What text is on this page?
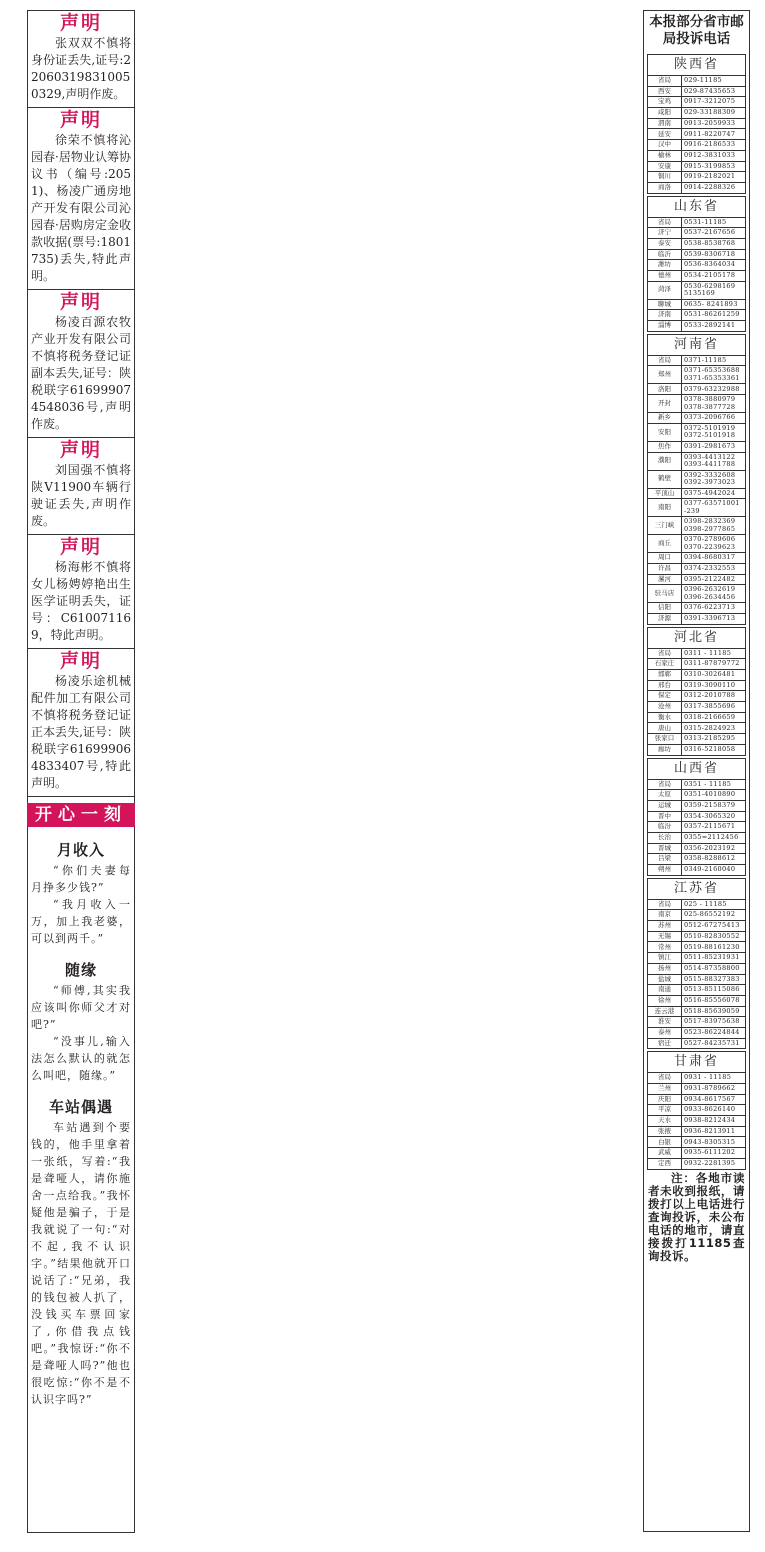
声明
张双双不慎将身份证丢失,证号:220603198310050329,声明作废。
声明
徐荣不慎将沁园春·居物业认筹协议书（编号:2051)、杨凌广通房地产开发有限公司沁园春·居购房定金收款收据(票号:1801735)丢失,特此声明。
声明
杨凌百源农牧产业开发有限公司不慎将税务登记证副本丢失,证号：陕税联字616999074548036号,声明作废。
声明
刘国强不慎将陕V11900车辆行驶证丢失,声明作废。
声明
杨海彬不慎将女儿杨娉婷艳出生医学证明丢失，证号：C610071169，特此声明。
声明
杨凌乐途机械配件加工有限公司不慎将税务登记证正本丢失,证号：陕税联字616999064833407号,特此声明。
开心一刻
月收入

“你们夫妻每月挣多少钱?”

“我月收入一万，加上我老婆，可以到两千。”

随缘

“师傅,其实我应该叫你师父才对吧?”

“没事儿,输入法怎么默认的就怎么叫吧，随缘。”

车站偶遇

车站遇到个要钱的，他手里拿着一张纸，写着:“我是聋哑人，请你施舍一点给我。”我怀疑他是骗子，于是我就说了一句:“对不起,我不认识字。”结果他就开口说话了:“兄弟，我的钱包被人扒了，没钱买车票回家了,你借我点钱吧。”我惊讶:“你不是聋哑人吗?”他也很吃惊:“你不是不认识字吗?”

本报部分省市邮局投诉电话
陕西省
省局	029-11185
西安	029-87435653
宝鸡	0917-3212075
咸阳	029-33188309
渭南	0913-2059933
延安	0911-8220747
汉中	0916-2186533
榆林	0912-3831033
安康	0915-3199853
铜川	0919-2182021
商洛	0914-2288326
山东省
省局	0531-11185
济宁	0537-2167656
泰安	0538-8538768
临沂	0539-8306718
潍坊	0536-8364034
德州	0534-2105178
菏泽	0530-6298169
5135169
聊城	0635- 8241893
济南	0531-86261259
淄博	0533-2892141
河南省
省局	0371-11185
郑州	0371-65353688
0371-65353361
洛阳	0379-63232988
开封	0378-3880979
0378-3877728
新乡	0373-2096766
安阳	0372-5101919
0372-5101918
焦作	0391-2981673
濮阳	0393-4413122
0393-4411788
鹤壁	0392-3332608
0392-3973023
平顶山	0375-4942024
南阳	0377-63571001
-239
三门峡	0398-2832369
0398-2977865
商丘	0370-2789606
0370-2239623
周口	0394-8680317
许昌	0374-2332553
漯河	0395-2122482
驻马店	0396-2632619
0396-2634456
信阳	0376-6223713
济源	0391-3396713
河北省
省局	0311 - 11185
石家庄	0311-87879772
邯郸	0310-3026481
邢台	0319-3090110
保定	0312-2010788
沧州	0317-3855696
衡水	0318-2166659
唐山	0315-2824923
张家口	0313-2185295
廊坊	0316-5218058
山西省
省局	0351 - 11185
太原	0351-4010890
运城	0359-2158379
晋中	0354-3065320
临汾	0357-2115671
长治	0355=2112456
晋城	0356-2023192
吕梁	0358-8288612
朔州	0349-2160040
江苏省
省局	025 - 11185
南京	025-86552192
苏州	0512-67275413
无锡	0510-82830552
常州	0519-88161230
镇江	0511-85231931
扬州	0514-87358800
盐城	0515-88327383
南通	0513-85115086
徐州	0516-85556078
连云港	0518-85639059
淮安	0517-83975638
泰州	0523-86224844
宿迁	0527-84235731
甘肃省
省局	0931 - 11185
兰州	0931-8789662
庆阳	0934-8617567
平凉	0933-8626140
天水	0938-8212434
张掖	0936-8213911
白银	0943-8305315
武威	0935-6111202
定西	0932-2281395
注：各地市读者未收到报纸，请拨打以上电话进行查询投诉，未公布电话的地市，请直接拨打11185查询投诉。
